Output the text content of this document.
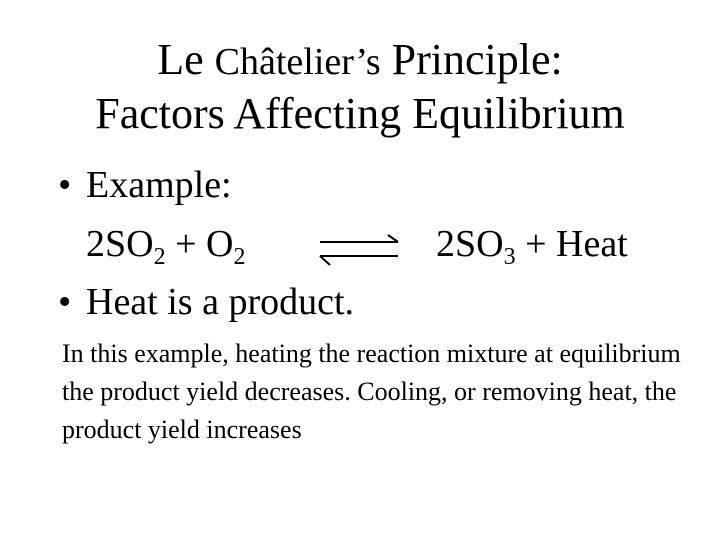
Le Châtelier’s Principle:
Factors Affecting Equilibrium
• Example:
$2SO_2 + O_2$ ⇌ $2SO_3$ + Heat
• Heat is a product.
In this example, heating the reaction mixture at equilibrium the product yield decreases. Cooling, or removing heat, the product yield increases
